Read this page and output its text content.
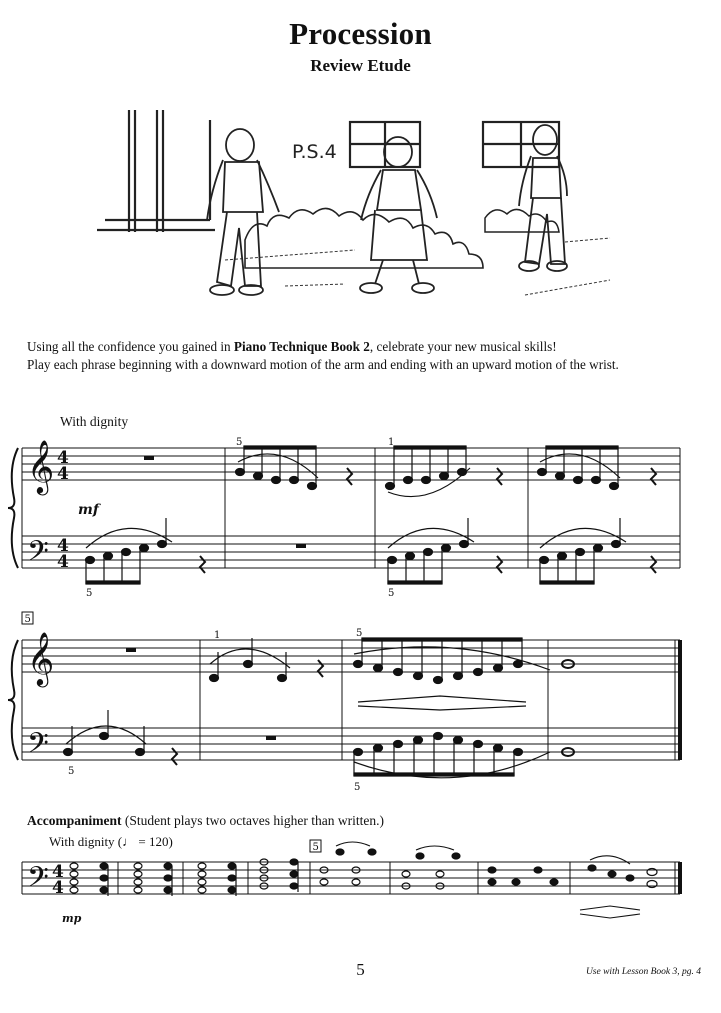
Procession
Review Etude
P.S.4
Using all the confidence you gained in Piano Technique Book 2, celebrate your new musical skills!
Play each phrase beginning with a downward motion of the arm and ending with an upward motion of the wrist.
With dignity
𝄞
𝄢
𝄞
𝄢
𝄢
4
4
4
4
4
4
mf
5	1
5	5
1	5
5
5
5
5
mp
Accompaniment (Student plays two octaves higher than written.)
With dignity (♩ = 120)
5	Use with Lesson Book 3, pg. 4
